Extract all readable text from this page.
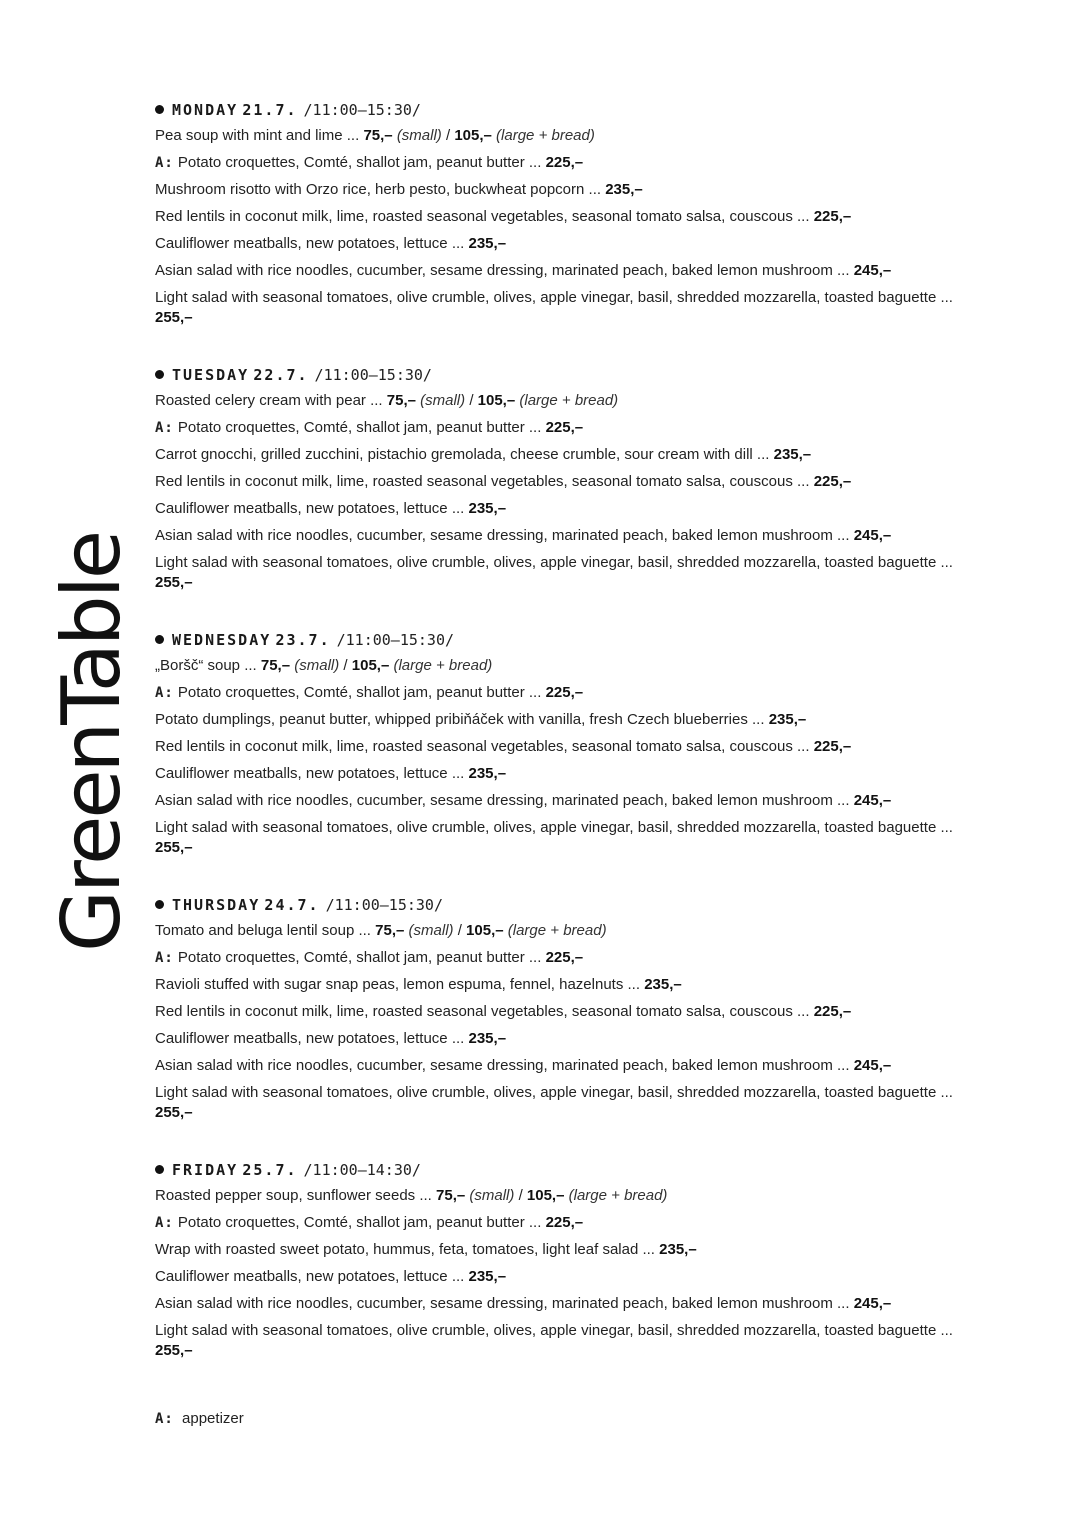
GreenTable
MONDAY 21.7. /11:00–15:30/
Pea soup with mint and lime ... 75,– (small) / 105,– (large + bread)
A: Potato croquettes, Comté, shallot jam, peanut butter ... 225,–
Mushroom risotto with Orzo rice, herb pesto, buckwheat popcorn ... 235,–
Red lentils in coconut milk, lime, roasted seasonal vegetables, seasonal tomato salsa, couscous ... 225,–
Cauliflower meatballs, new potatoes, lettuce ... 235,–
Asian salad with rice noodles, cucumber, sesame dressing, marinated peach, baked lemon mushroom ... 245,–
Light salad with seasonal tomatoes, olive crumble, olives, apple vinegar, basil, shredded mozzarella, toasted baguette ... 255,–
TUESDAY 22.7. /11:00–15:30/
Roasted celery cream with pear ... 75,– (small) / 105,– (large + bread)
A: Potato croquettes, Comté, shallot jam, peanut butter ... 225,–
Carrot gnocchi, grilled zucchini, pistachio gremolada, cheese crumble, sour cream with dill ... 235,–
Red lentils in coconut milk, lime, roasted seasonal vegetables, seasonal tomato salsa, couscous ... 225,–
Cauliflower meatballs, new potatoes, lettuce ... 235,–
Asian salad with rice noodles, cucumber, sesame dressing, marinated peach, baked lemon mushroom ... 245,–
Light salad with seasonal tomatoes, olive crumble, olives, apple vinegar, basil, shredded mozzarella, toasted baguette ... 255,–
WEDNESDAY 23.7. /11:00–15:30/
„Boršč“ soup ... 75,– (small) / 105,– (large + bread)
A: Potato croquettes, Comté, shallot jam, peanut butter ... 225,–
Potato dumplings, peanut butter, whipped pribiňáček with vanilla, fresh Czech blueberries ... 235,–
Red lentils in coconut milk, lime, roasted seasonal vegetables, seasonal tomato salsa, couscous ... 225,–
Cauliflower meatballs, new potatoes, lettuce ... 235,–
Asian salad with rice noodles, cucumber, sesame dressing, marinated peach, baked lemon mushroom ... 245,–
Light salad with seasonal tomatoes, olive crumble, olives, apple vinegar, basil, shredded mozzarella, toasted baguette ... 255,–
THURSDAY 24.7. /11:00–15:30/
Tomato and beluga lentil soup ... 75,– (small) / 105,– (large + bread)
A: Potato croquettes, Comté, shallot jam, peanut butter ... 225,–
Ravioli stuffed with sugar snap peas, lemon espuma, fennel, hazelnuts ... 235,–
Red lentils in coconut milk, lime, roasted seasonal vegetables, seasonal tomato salsa, couscous ... 225,–
Cauliflower meatballs, new potatoes, lettuce ... 235,–
Asian salad with rice noodles, cucumber, sesame dressing, marinated peach, baked lemon mushroom ... 245,–
Light salad with seasonal tomatoes, olive crumble, olives, apple vinegar, basil, shredded mozzarella, toasted baguette ... 255,–
FRIDAY 25.7. /11:00–14:30/
Roasted pepper soup, sunflower seeds ... 75,– (small) / 105,– (large + bread)
A: Potato croquettes, Comté, shallot jam, peanut butter ... 225,–
Wrap with roasted sweet potato, hummus, feta, tomatoes, light leaf salad ... 235,–
Cauliflower meatballs, new potatoes, lettuce ... 235,–
Asian salad with rice noodles, cucumber, sesame dressing, marinated peach, baked lemon mushroom ... 245,–
Light salad with seasonal tomatoes, olive crumble, olives, apple vinegar, basil, shredded mozzarella, toasted baguette ... 255,–
A: appetizer
